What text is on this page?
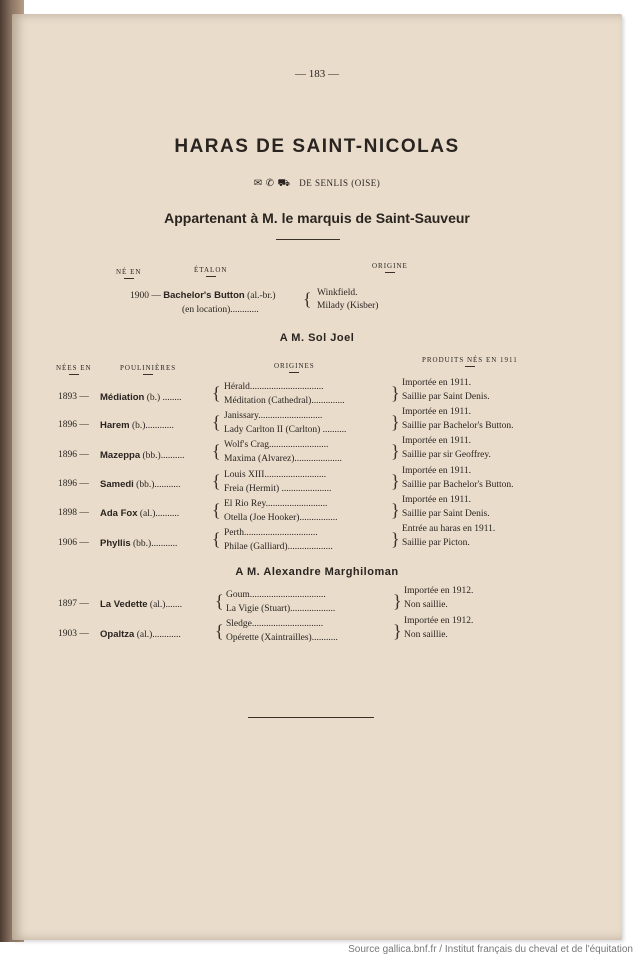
— 183 —
HARAS DE SAINT-NICOLAS
✉ ✆ ⛟ DE SENLIS (OISE)
Appartenant à M. le marquis de Saint-Sauveur
NÉ EN	ÉTALON	ORIGINE
1900 — Bachelor's Button (al.-br.)
(en location)............
{ Winkfield.
Milady (Kisber)
A M. Sol Joel
NÉES EN	POULINIÈRES	ORIGINES
PRODUITS NÉS EN 1911
1893 — Médiation (b.) ........ { Hérald...............................
Méditation (Cathedral)..............	} Importée en 1911.
Saillie par Saint Denis.
1896 — Harem (b.)............ { Janissary...........................
Lady Carlton II (Carlton) .......... } Importée en 1911.
Saillie par Bachelor's Button.
1896 — Mazeppa (bb.).......... { Wolf's Crag.........................
Maxima (Alvarez)....................	} Importée en 1911.
Saillie par sir Geoffrey.
1896 — Samedi (bb.)........... { Louis XIII..........................
Freia (Hermit) .....................	} Importée en 1911.
Saillie par Bachelor's Button.
1898 — Ada Fox (al.).......... { El Rio Rey..........................
Otella (Joe Hooker)................	} Importée en 1911.
Saillie par Saint Denis.
1906 — Phyllis (bb.)........... { Perth...............................
Philae (Galliard)...................	} Entrée au haras en 1911.
Saillie par Picton.
A M. Alexandre Marghiloman
1897 — La Vedette (al.)....... { Goum................................
La Vigie (Stuart)...................	} Importée en 1912.
Non saillie.
1903 — Opaltza (al.)............ { Sledge..............................
Opérette (Xaintrailles)...........	} Importée en 1912.
Non saillie.
Source gallica.bnf.fr / Institut français du cheval et de l'équitation
